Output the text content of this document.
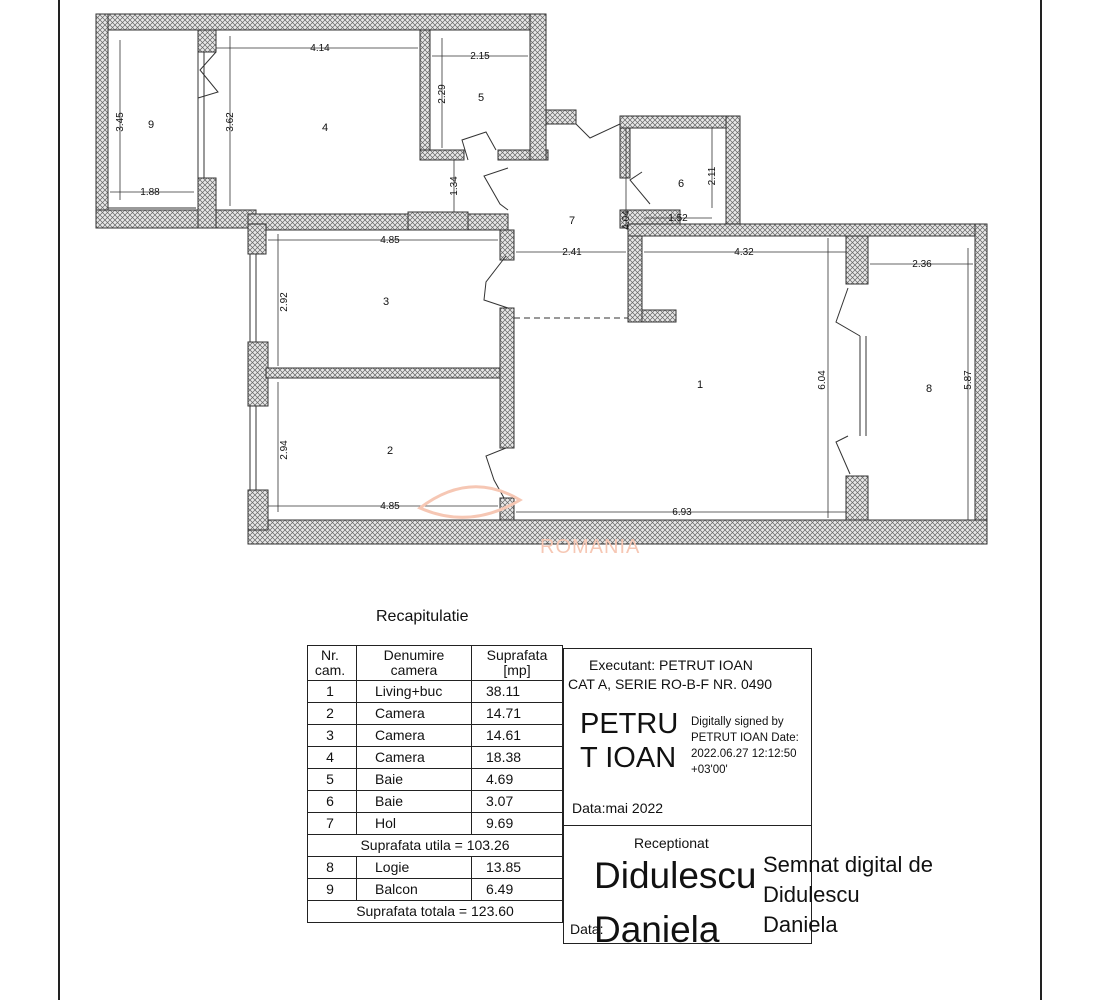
4.14
2.15
3.45	3.62
2.29
1.88	1.34
2.11
1.52
4.04
4.85
2.41	4.32
2.36
2.92
6.04	5.87
2.94
4.85
6.93
1
2
3
4
5
6
7
8
9
ROMANIA
Recapitulatie
Nr. cam.	Denumire camera	Suprafata [mp]
1	Living+buc	38.11
2	Camera	14.71
3	Camera	14.61
4	Camera	18.38
5	Baie	4.69
6	Baie	3.07
7	Hol	9.69
Suprafata utila = 103.26		
8	Logie	13.85
9	Balcon	6.49
Suprafata totala = 123.60		
Executant: PETRUT IOAN
CAT A, SERIE RO-B-F NR. 0490
PETRU T IOAN
Digitally signed by PETRUT IOAN Date: 2022.06.27 12:12:50 +03'00'
Data:mai 2022
Receptionat
Didulescu Daniela
Data:
Semnat digital de Didulescu Daniela
